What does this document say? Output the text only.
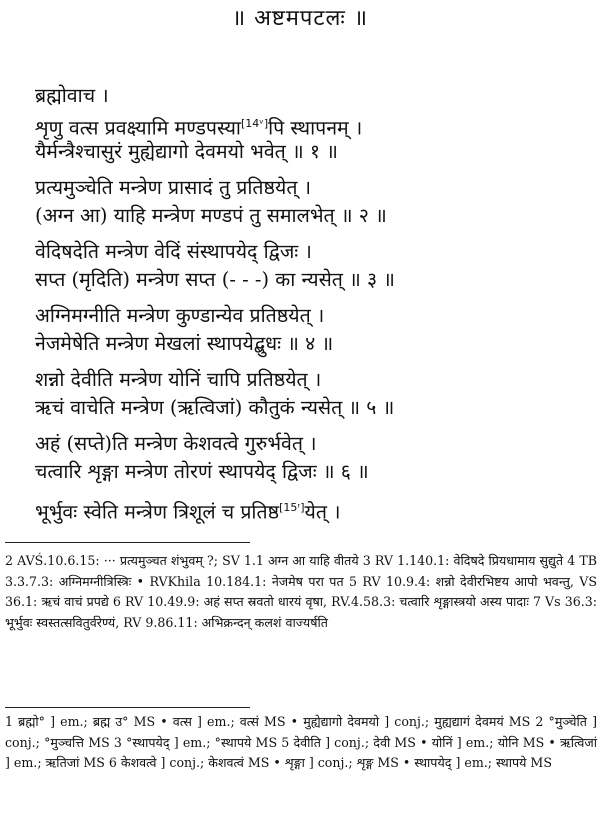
॥ अष्टमपटलः ॥
ब्रह्मोवाच ।
शृणु वत्स प्रवक्ष्यामि मण्डपस्या[14ᵛ]पि स्थापनम् ।
यैर्मन्त्रैश्चासुरं मुह्येद्यागो देवमयो भवेत् ॥ १ ॥
प्रत्यमुञ्चेति मन्त्रेण प्रासादं तु प्रतिष्ठयेत् ।
(अग्न आ) याहि मन्त्रेण मण्डपं तु समालभेत् ॥ २ ॥
वेदिषदेति मन्त्रेण वेदिं संस्थापयेद् द्विजः ।
सप्त (मृदिति) मन्त्रेण सप्त (- - -) का न्यसेत् ॥ ३ ॥
अग्निमग्नीति मन्त्रेण कुण्डान्येव प्रतिष्ठयेत् ।
नेजमेषेति मन्त्रेण मेखलां स्थापयेद्बुधः ॥ ४ ॥
शन्नो देवीति मन्त्रेण योनिं चापि प्रतिष्ठयेत् ।
ऋचं वाचेति मन्त्रेण (ऋत्विजां) कौतुकं न्यसेत् ॥ ५ ॥
अहं (सप्ते)ति मन्त्रेण केशवत्वे गुरुर्भवेत् ।
चत्वारि शृङ्गा मन्त्रेण तोरणं स्थापयेद् द्विजः ॥ ६ ॥
भूर्भुवः स्वेति मन्त्रेण त्रिशूलं च प्रतिष्ठ[15ʳ]येत् ।
2 AVŚ.10.6.15: ··· प्रत्यमुञ्चत शंभुवम् ?; SV 1.1 अग्न आ याहि वीतये 3 RV 1.140.1: वेदिषदे प्रियधामाय सुद्युते 4 TB 3.3.7.3: अग्निमग्नीत्रिस्त्रिः • RVKhila 10.184.1: नेजमेष परा पत 5 RV 10.9.4: शन्नो देवीरभिष्टय आपो भवन्तु, VS 36.1: ऋचं वाचं प्रपद्ये 6 RV 10.49.9: अहं सप्त स्रवतो धारयं वृषा, RV.4.58.3: चत्वारि शृङ्गास्त्रयो अस्य पादाः 7 Vs 36.3: भूर्भुवः स्वस्तत्सवितुर्वरेण्यं, RV 9.86.11: अभिक्रन्दन् कलशं वाज्यर्षति
1 ब्रह्मो° ] em.; ब्रह्म उ° MS • वत्स ] em.; वत्सं MS • मुह्येद्यागो देवमयो ] conj.; मुह्यद्यागं देवमयं MS 2 °मुञ्चेति ] conj.; °मुञ्चत्ति MS 3 °स्थापयेद् ] em.; °स्थापये MS 5 देवीति ] conj.; देवी MS • योनिं ] em.; योनि MS • ऋत्विजां ] em.; ऋतिजां MS 6 केशवत्वे ] conj.; केशवत्वं MS • शृङ्गा ] conj.; शृङ्ग MS • स्थापयेद् ] em.; स्थापये MS
